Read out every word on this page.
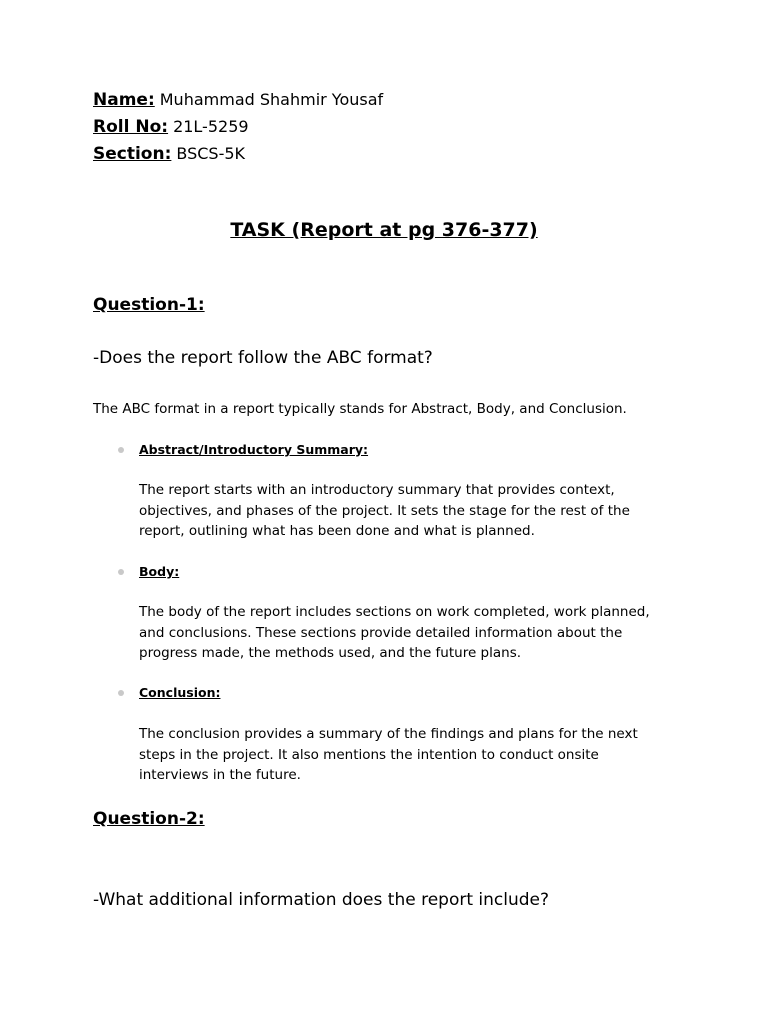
Name: Muhammad Shahmir Yousaf
Roll No: 21L-5259
Section: BSCS-5K
TASK (Report at pg 376-377)
Question-1:
-Does the report follow the ABC format?
The ABC format in a report typically stands for Abstract, Body, and Conclusion.
Abstract/Introductory Summary:
The report starts with an introductory summary that provides context, objectives, and phases of the project. It sets the stage for the rest of the report, outlining what has been done and what is planned.
Body:
The body of the report includes sections on work completed, work planned, and conclusions. These sections provide detailed information about the progress made, the methods used, and the future plans.
Conclusion:
The conclusion provides a summary of the findings and plans for the next steps in the project. It also mentions the intention to conduct onsite interviews in the future.
Question-2:
-What additional information does the report include?
